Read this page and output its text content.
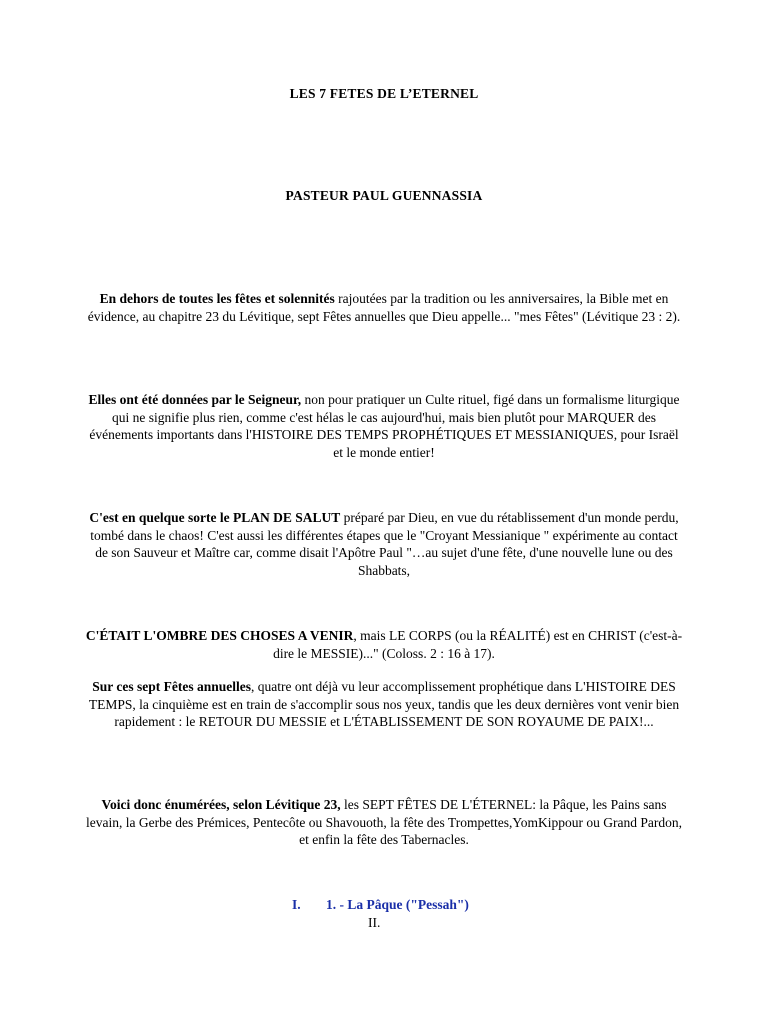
LES 7 FETES DE L’ETERNEL
PASTEUR PAUL GUENNASSIA

En dehors de toutes les fêtes et solennités rajoutées par la tradition ou les anniversaires, la Bible met en évidence, au chapitre 23 du Lévitique, sept Fêtes annuelles que Dieu appelle... "mes Fêtes" (Lévitique 23 : 2).

Elles ont été données par le Seigneur, non pour pratiquer un Culte rituel, figé dans un formalisme liturgique qui ne signifie plus rien, comme c'est hélas le cas aujourd'hui, mais bien plutôt pour MARQUER des événements importants dans l'HISTOIRE DES TEMPS PROPHÉTIQUES ET MESSIANIQUES, pour Israël et le monde entier!

C'est en quelque sorte le PLAN DE SALUT préparé par Dieu, en vue du rétablissement d'un monde perdu, tombé dans le chaos! C'est aussi les différentes étapes que le "Croyant Messianique " expérimente au contact de son Sauveur et Maître car, comme disait l'Apôtre Paul "…au sujet d'une fête, d'une nouvelle lune ou des Shabbats,

C'ÉTAIT L'OMBRE DES CHOSES A VENIR, mais LE CORPS (ou la RÉALITÉ) est en CHRIST (c'est-à-dire le MESSIE)..." (Coloss. 2 : 16 à 17).

Sur ces sept Fêtes annuelles, quatre ont déjà vu leur accomplissement prophétique dans L'HISTOIRE DES TEMPS, la cinquième est en train de s'accomplir sous nos yeux, tandis que les deux dernières vont venir bien rapidement : le RETOUR DU MESSIE et L'ÉTABLISSEMENT DE SON ROYAUME DE PAIX!...

Voici donc énumérées, selon Lévitique 23, les SEPT FÊTES DE L'ÉTERNEL: la Pâque, les Pains sans levain, la Gerbe des Prémices, Pentecôte ou Shavouoth, la fête des Trompettes,YomKippour ou Grand Pardon, et enfin la fête des Tabernacles.

I. 1. - La Pâque ("Pessah")
II.
